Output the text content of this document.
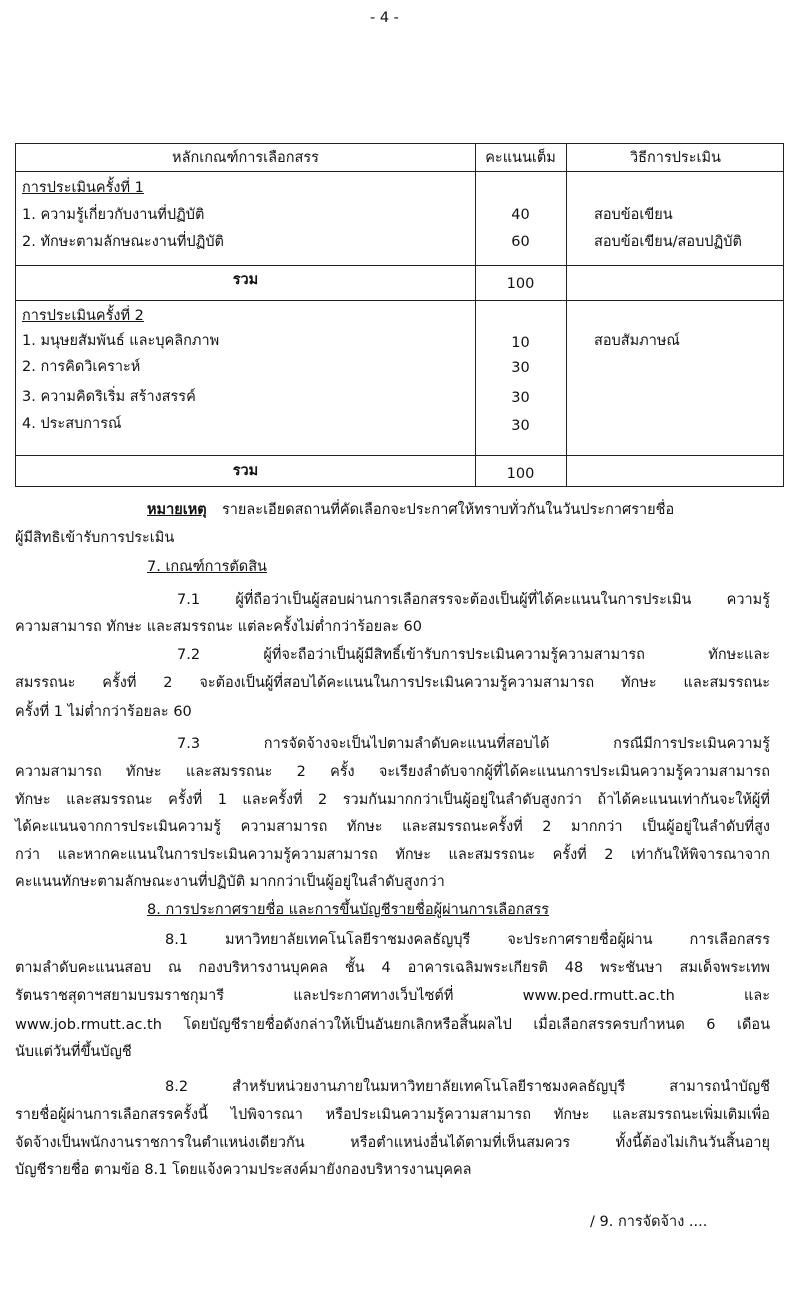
- 4 -
หลักเกณฑ์การเลือกสรร	คะแนนเต็ม	วิธีการประเมิน
การประเมินครั้งที่ 1
1. ความรู้เกี่ยวกับงานที่ปฏิบัติ	40	สอบข้อเขียน
2. ทักษะตามลักษณะงานที่ปฏิบัติ	60	สอบข้อเขียน/สอบปฏิบัติ
รวม	100
การประเมินครั้งที่ 2
1. มนุษยสัมพันธ์ และบุคลิกภาพ	10	สอบสัมภาษณ์
2. การคิดวิเคราะห์	30
3. ความคิดริเริ่ม สร้างสรรค์	30
4. ประสบการณ์	30
รวม	100
หมายเหตุ รายละเอียดสถานที่คัดเลือกจะประกาศให้ทราบทั่วกันในวันประกาศรายชื่อ
ผู้มีสิทธิเข้ารับการประเมิน
7. เกณฑ์การตัดสิน
7.1 ผู้ที่ถือว่าเป็นผู้สอบผ่านการเลือกสรรจะต้องเป็นผู้ที่ได้คะแนนในการประเมิน ความรู้
ความสามารถ ทักษะ และสมรรถนะ แต่ละครั้งไม่ต่ำกว่าร้อยละ 60
7.2 ผู้ที่จะถือว่าเป็นผู้มีสิทธิ์เข้ารับการประเมินความรู้ความสามารถ ทักษะและ
สมรรถนะ ครั้งที่ 2 จะต้องเป็นผู้ที่สอบได้คะแนนในการประเมินความรู้ความสามารถ ทักษะ และสมรรถนะ
ครั้งที่ 1 ไม่ต่ำกว่าร้อยละ 60
7.3 การจัดจ้างจะเป็นไปตามลำดับคะแนนที่สอบได้ กรณีมีการประเมินความรู้
ความสามารถ ทักษะ และสมรรถนะ 2 ครั้ง จะเรียงลำดับจากผู้ที่ได้คะแนนการประเมินความรู้ความสามารถ
ทักษะ และสมรรถนะ ครั้งที่ 1 และครั้งที่ 2 รวมกันมากกว่าเป็นผู้อยู่ในลำดับสูงกว่า ถ้าได้คะแนนเท่ากันจะให้ผู้ที่
ได้คะแนนจากการประเมินความรู้ ความสามารถ ทักษะ และสมรรถนะครั้งที่ 2 มากกว่า เป็นผู้อยู่ในลำดับที่สูง
กว่า และหากคะแนนในการประเมินความรู้ความสามารถ ทักษะ และสมรรถนะ ครั้งที่ 2 เท่ากันให้พิจารณาจาก
คะแนนทักษะตามลักษณะงานที่ปฏิบัติ มากกว่าเป็นผู้อยู่ในลำดับสูงกว่า
8. การประกาศรายชื่อ และการขึ้นบัญชีรายชื่อผู้ผ่านการเลือกสรร
8.1 มหาวิทยาลัยเทคโนโลยีราชมงคลธัญบุรี จะประกาศรายชื่อผู้ผ่าน การเลือกสรร
ตามลำดับคะแนนสอบ ณ กองบริหารงานบุคคล ชั้น 4 อาคารเฉลิมพระเกียรติ 48 พระชันษา สมเด็จพระเทพ
รัตนราชสุดาฯสยามบรมราชกุมารี และประกาศทางเว็บไซต์ที่ www.ped.rmutt.ac.th และ
www.job.rmutt.ac.th โดยบัญชีรายชื่อดังกล่าวให้เป็นอันยกเลิกหรือสิ้นผลไป เมื่อเลือกสรรครบกำหนด 6 เดือน
นับแต่วันที่ขึ้นบัญชี
8.2 สำหรับหน่วยงานภายในมหาวิทยาลัยเทคโนโลยีราชมงคลธัญบุรี สามารถนำบัญชี
รายชื่อผู้ผ่านการเลือกสรรครั้งนี้ ไปพิจารณา หรือประเมินความรู้ความสามารถ ทักษะ และสมรรถนะเพิ่มเติมเพื่อ
จัดจ้างเป็นพนักงานราชการในตำแหน่งเดียวกัน หรือตำแหน่งอื่นได้ตามที่เห็นสมควร ทั้งนี้ต้องไม่เกินวันสิ้นอายุ
บัญชีรายชื่อ ตามข้อ 8.1 โดยแจ้งความประสงค์มายังกองบริหารงานบุคคล
/ 9. การจัดจ้าง ....
